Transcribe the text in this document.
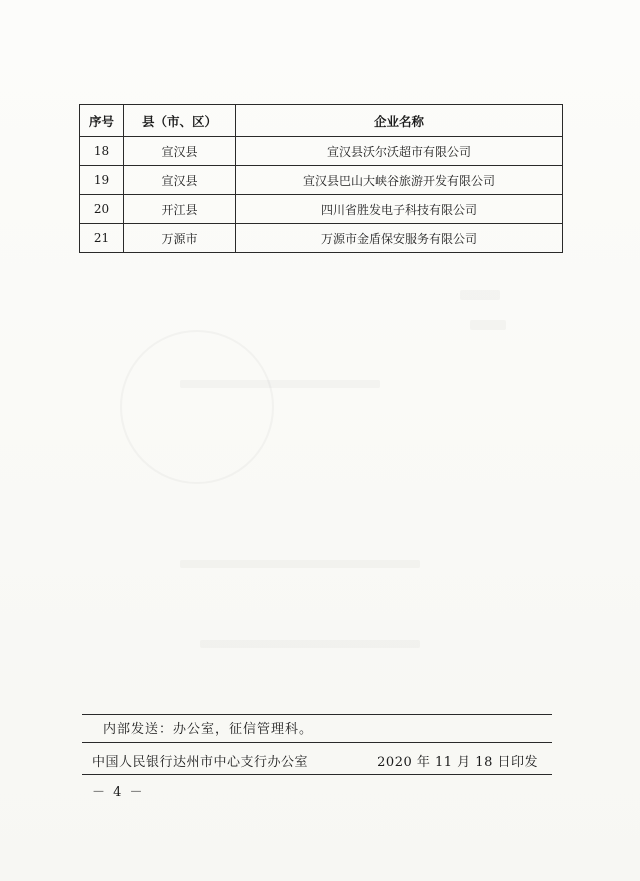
序号	县（市、区）	企业名称
18	宣汉县	宣汉县沃尔沃超市有限公司
19	宣汉县	宣汉县巴山大峡谷旅游开发有限公司
20	开江县	四川省胜发电子科技有限公司
21	万源市	万源市金盾保安服务有限公司
内部发送：办公室，征信管理科。
中国人民银行达州市中心支行办公室	2020 年 11 月 18 日印发
－ 4 －
